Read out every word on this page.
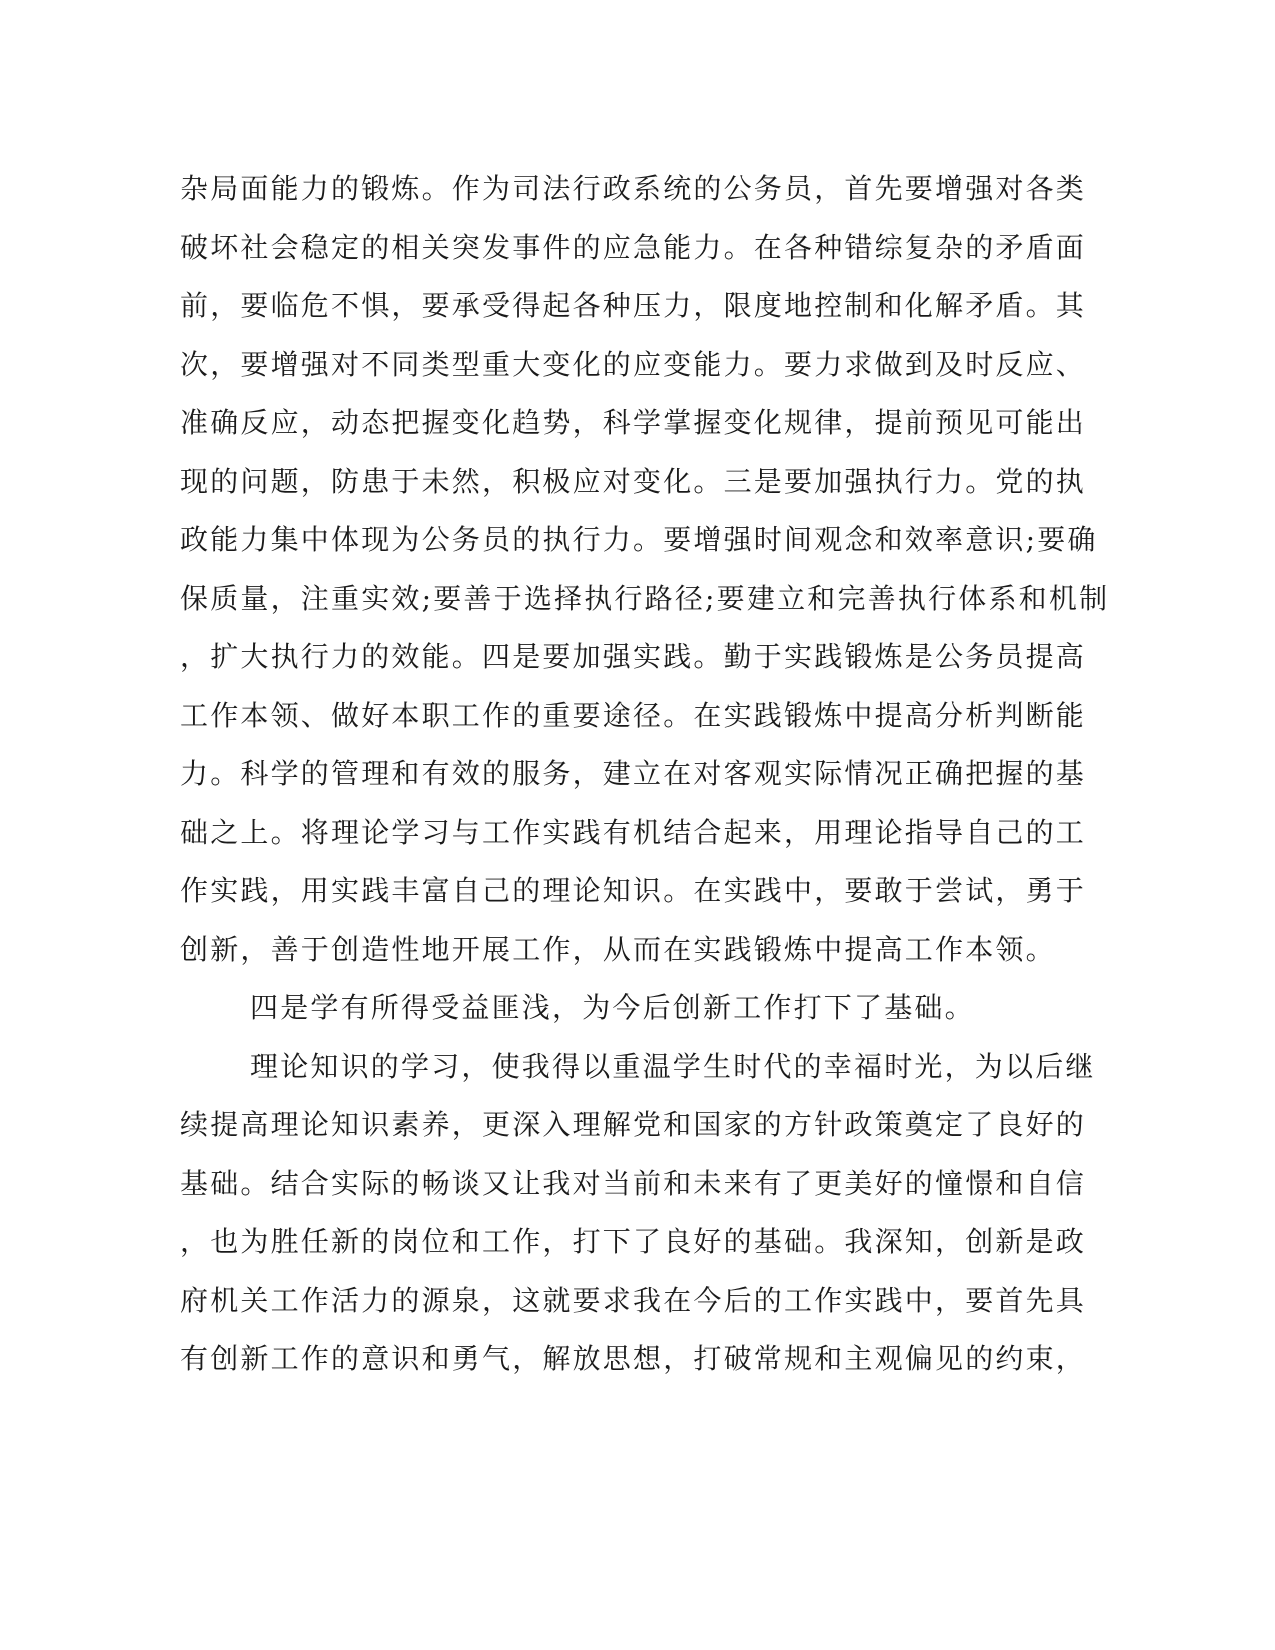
杂局面能力的锻炼。作为司法行政系统的公务员，首先要增强对各类
破坏社会稳定的相关突发事件的应急能力。在各种错综复杂的矛盾面
前，要临危不惧，要承受得起各种压力，限度地控制和化解矛盾。其
次，要增强对不同类型重大变化的应变能力。要力求做到及时反应、
准确反应，动态把握变化趋势，科学掌握变化规律，提前预见可能出
现的问题，防患于未然，积极应对变化。三是要加强执行力。党的执
政能力集中体现为公务员的执行力。要增强时间观念和效率意识;要确
保质量，注重实效;要善于选择执行路径;要建立和完善执行体系和机制
，扩大执行力的效能。四是要加强实践。勤于实践锻炼是公务员提高
工作本领、做好本职工作的重要途径。在实践锻炼中提高分析判断能
力。科学的管理和有效的服务，建立在对客观实际情况正确把握的基
础之上。将理论学习与工作实践有机结合起来，用理论指导自己的工
作实践，用实践丰富自己的理论知识。在实践中，要敢于尝试，勇于
创新，善于创造性地开展工作，从而在实践锻炼中提高工作本领。
四是学有所得受益匪浅，为今后创新工作打下了基础。
理论知识的学习，使我得以重温学生时代的幸福时光，为以后继
续提高理论知识素养，更深入理解党和国家的方针政策奠定了良好的
基础。结合实际的畅谈又让我对当前和未来有了更美好的憧憬和自信
，也为胜任新的岗位和工作，打下了良好的基础。我深知，创新是政
府机关工作活力的源泉，这就要求我在今后的工作实践中，要首先具
有创新工作的意识和勇气，解放思想，打破常规和主观偏见的约束，
